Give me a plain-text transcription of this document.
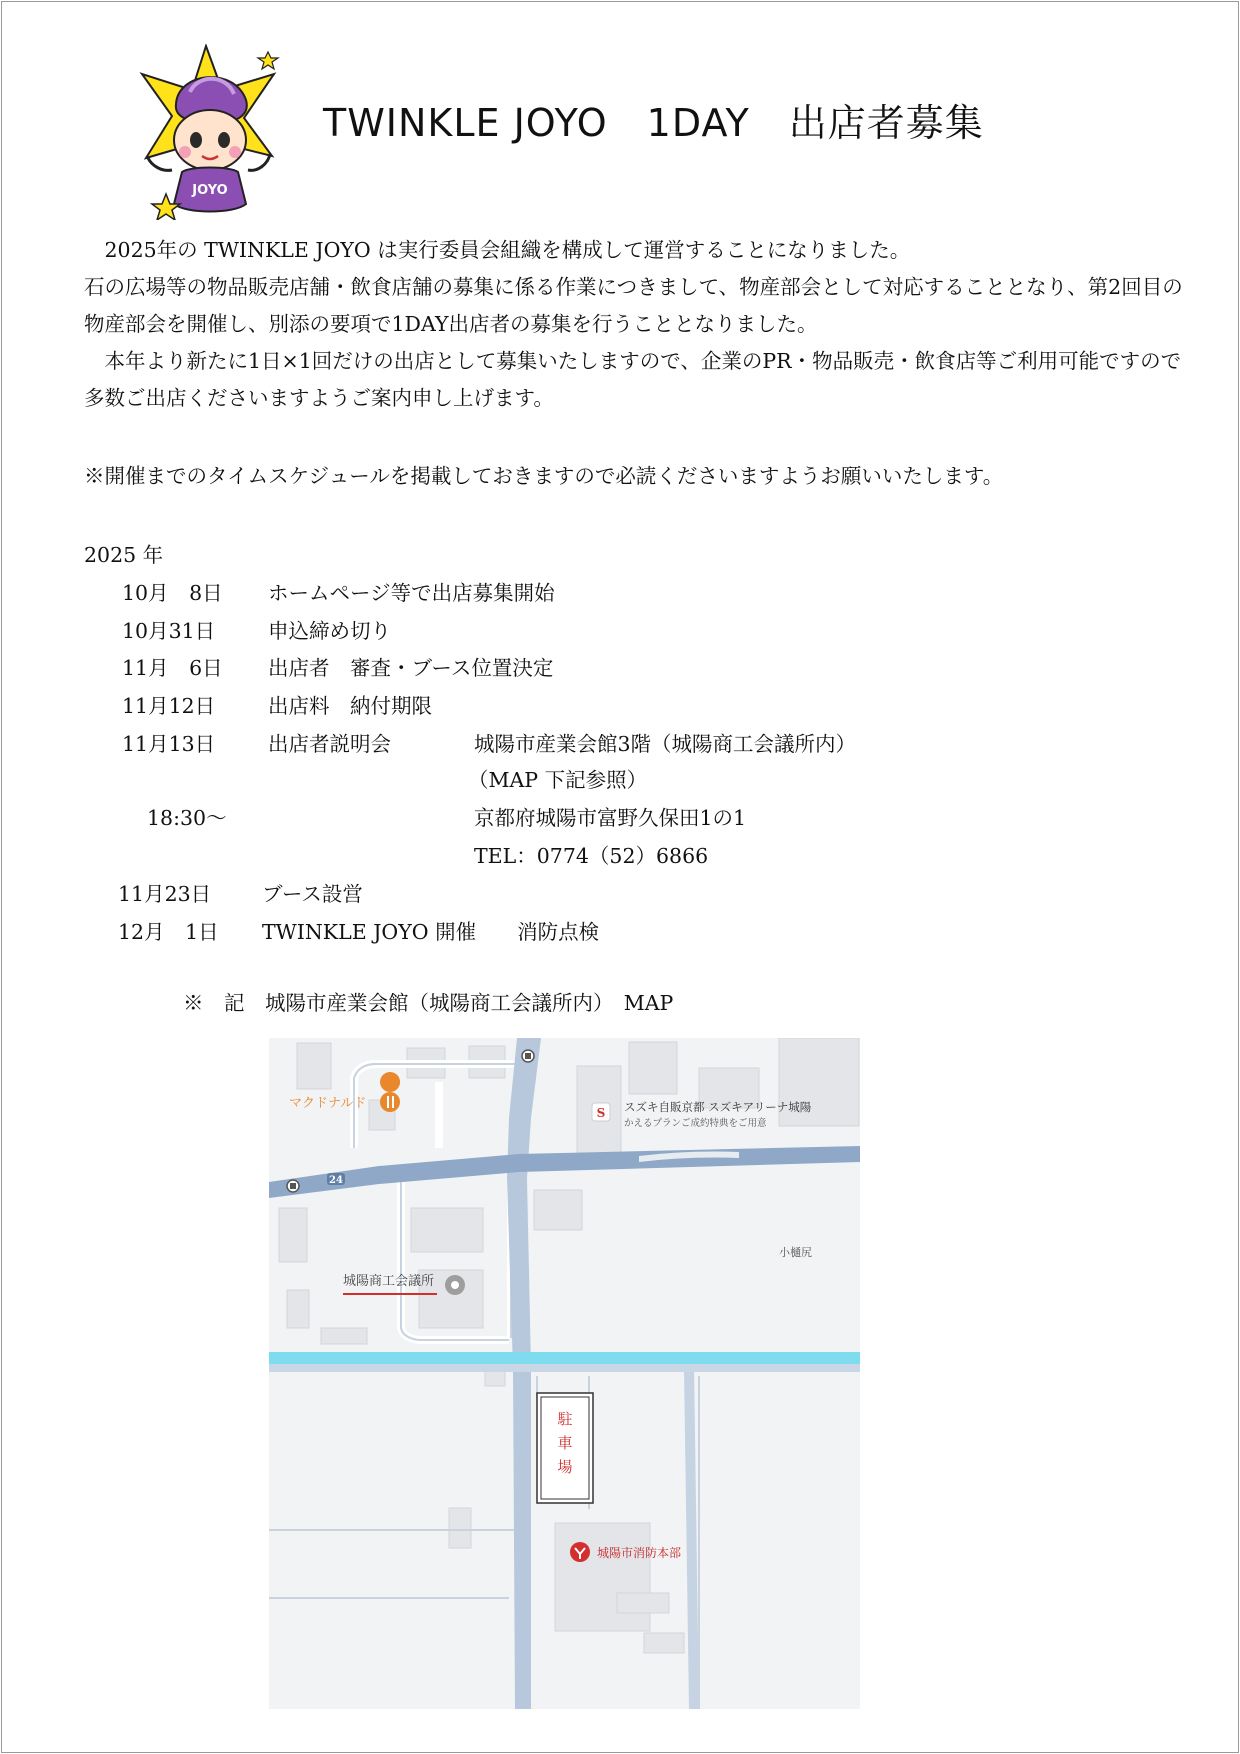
JOYO
TWINKLE JOYO　1DAY　出店者募集

　2025年の TWINKLE JOYO は実行委員会組織を構成して運営することになりました。

石の広場等の物品販売店舗・飲食店舗の募集に係る作業につきまして、物産部会として対応することとなり、第2回目の物産部会を開催し、別添の要項で1DAY出店者の募集を行うこととなりました。

　本年より新たに1日×1回だけの出店として募集いたしますので、企業のPR・物品販売・飲食店等ご利用可能ですので多数ご出店くださいますようご案内申し上げます。

※開催までのタイムスケジュールを掲載しておきますので必読くださいますようお願いいたします。
2025 年
10月　8日 ホームページ等で出店募集開始
10月31日	申込締め切り
11月　6日 出店者　審査・ブース位置決定
11月12日	出店料　納付期限
11月13日	出店者説明会	城陽市産業会館3階（城陽商工会議所内）
（MAP 下記参照）
18:30～	京都府城陽市富野久保田1の1
TEL：0774（52）6866
11月23日 ブース設営
12月　1日 TWINKLE JOYO 開催　　消防点検
※　記　城陽市産業会館（城陽商工会議所内）　MAP
24
マクドナルド
S スズキ自販京都 スズキアリーナ城陽
かえるプランご成約特典をご用意
小樋尻
城陽商工会議所
駐
車
場
城陽市消防本部
